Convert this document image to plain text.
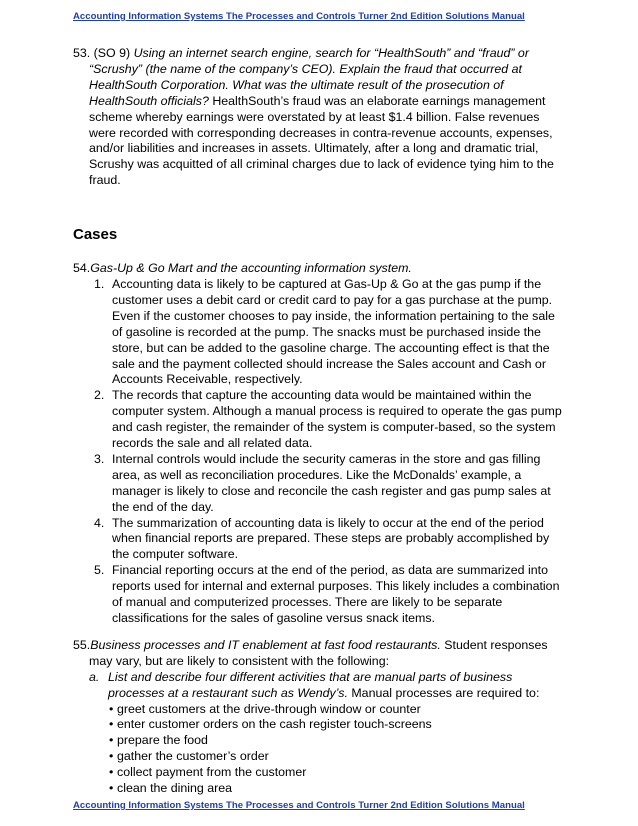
Accounting Information Systems The Processes and Controls Turner 2nd Edition Solutions Manual

53. (SO 9) Using an internet search engine, search for “HealthSouth” and “fraud” or “Scrushy” (the name of the company’s CEO). Explain the fraud that occurred at HealthSouth Corporation. What was the ultimate result of the prosecution of HealthSouth officials? HealthSouth’s fraud was an elaborate earnings management scheme whereby earnings were overstated by at least $1.4 billion. False revenues were recorded with corresponding decreases in contra-revenue accounts, expenses, and/or liabilities and increases in assets. Ultimately, after a long and dramatic trial, Scrushy was acquitted of all criminal charges due to lack of evidence tying him to the fraud.

Cases
54.Gas-Up & Go Mart and the accounting information system.
1. Accounting data is likely to be captured at Gas-Up & Go at the gas pump if the customer uses a debit card or credit card to pay for a gas purchase at the pump. Even if the customer chooses to pay inside, the information pertaining to the sale of gasoline is recorded at the pump. The snacks must be purchased inside the store, but can be added to the gasoline charge. The accounting effect is that the sale and the payment collected should increase the Sales account and Cash or Accounts Receivable, respectively.
2. The records that capture the accounting data would be maintained within the computer system. Although a manual process is required to operate the gas pump and cash register, the remainder of the system is computer-based, so the system records the sale and all related data.
3. Internal controls would include the security cameras in the store and gas filling area, as well as reconciliation procedures. Like the McDonalds’ example, a manager is likely to close and reconcile the cash register and gas pump sales at the end of the day.
4. The summarization of accounting data is likely to occur at the end of the period when financial reports are prepared. These steps are probably accomplished by the computer software.
5. Financial reporting occurs at the end of the period, as data are summarized into reports used for internal and external purposes. This likely includes a combination of manual and computerized processes. There are likely to be separate classifications for the sales of gasoline versus snack items.
55.Business processes and IT enablement at fast food restaurants. Student responses may vary, but are likely to consistent with the following:
a. List and describe four different activities that are manual parts of business processes at a restaurant such as Wendy’s. Manual processes are required to:
• greet customers at the drive-through window or counter
• enter customer orders on the cash register touch-screens
• prepare the food
• gather the customer’s order
• collect payment from the customer
• clean the dining area
Accounting Information Systems The Processes and Controls Turner 2nd Edition Solutions Manual
